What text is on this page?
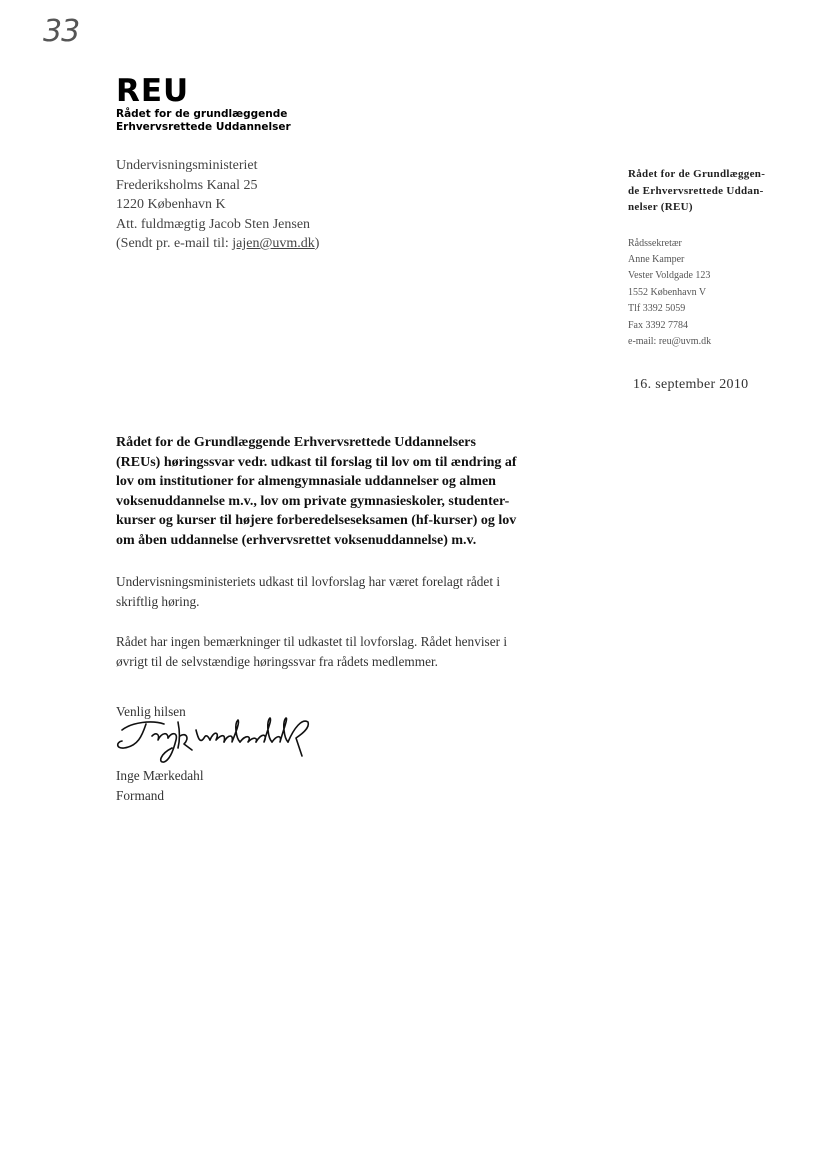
33
REU
Rådet for de grundlæggende
Erhvervsrettede Uddannelser
Undervisningsministeriet
Frederiksholms Kanal 25
1220 København K
Att. fuldmægtig Jacob Sten Jensen
(Sendt pr. e-mail til: jajen@uvm.dk)
Rådet for de Grundlæggen-
de Erhvervsrettede Uddan-
nelser (REU)
Rådssekretær
Anne Kamper
Vester Voldgade 123
1552 København V
Tlf 3392 5059
Fax 3392 7784
e-mail: reu@uvm.dk
16. september 2010
Rådet for de Grundlæggende Erhvervsrettede Uddannelsers
(REUs) høringssvar vedr. udkast til forslag til lov om til ændring af
lov om institutioner for almengymnasiale uddannelser og almen
voksenuddannelse m.v., lov om private gymnasieskoler, studenter-
kurser og kurser til højere forberedelseseksamen (hf-kurser) og lov
om åben uddannelse (erhvervsrettet voksenuddannelse) m.v.
Undervisningsministeriets udkast til lovforslag har været forelagt rådet i
skriftlig høring.
Rådet har ingen bemærkninger til udkastet til lovforslag. Rådet henviser i
øvrigt til de selvstændige høringssvar fra rådets medlemmer.
Venlig hilsen
Inge Mærkedahl
Formand
